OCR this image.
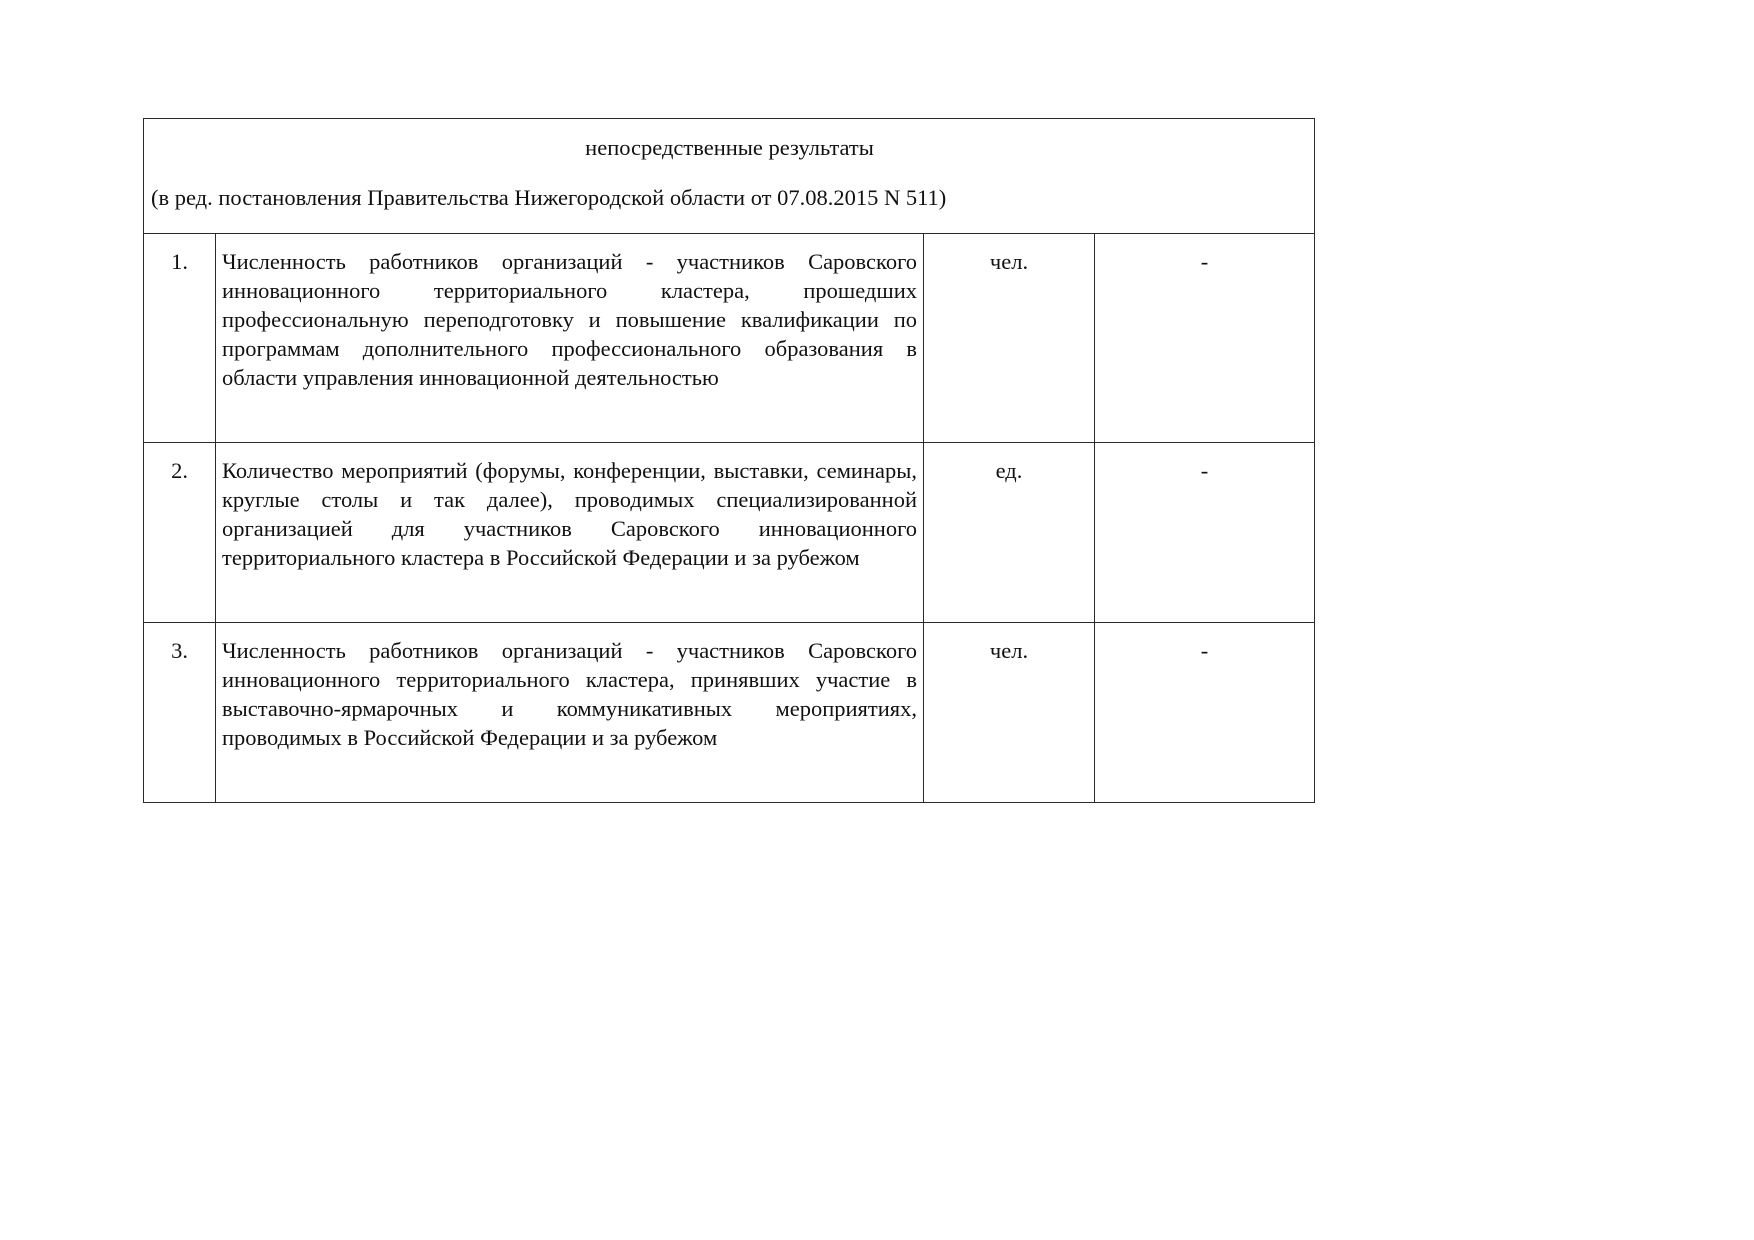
непосредственные результаты

(в ред. постановления Правительства Нижегородской области от 07.08.2015 N 511)			

1.	Численность работников организаций - участников Саровского инновационного территориального кластера, прошедших профессиональную переподготовку и повышение квалификации по программам дополнительного профессионального образования в области управления инновационной деятельностью	чел.	-
2.	Количество мероприятий (форумы, конференции, выставки, семинары, круглые столы и так далее), проводимых специализированной организацией для участников Саровского инновационного территориального кластера в Российской Федерации и за рубежом	ед.	-
3.	Численность работников организаций - участников Саровского инновационного территориального кластера, принявших участие в выставочно-ярмарочных и коммуникативных мероприятиях, проводимых в Российской Федерации и за рубежом	чел.	-
